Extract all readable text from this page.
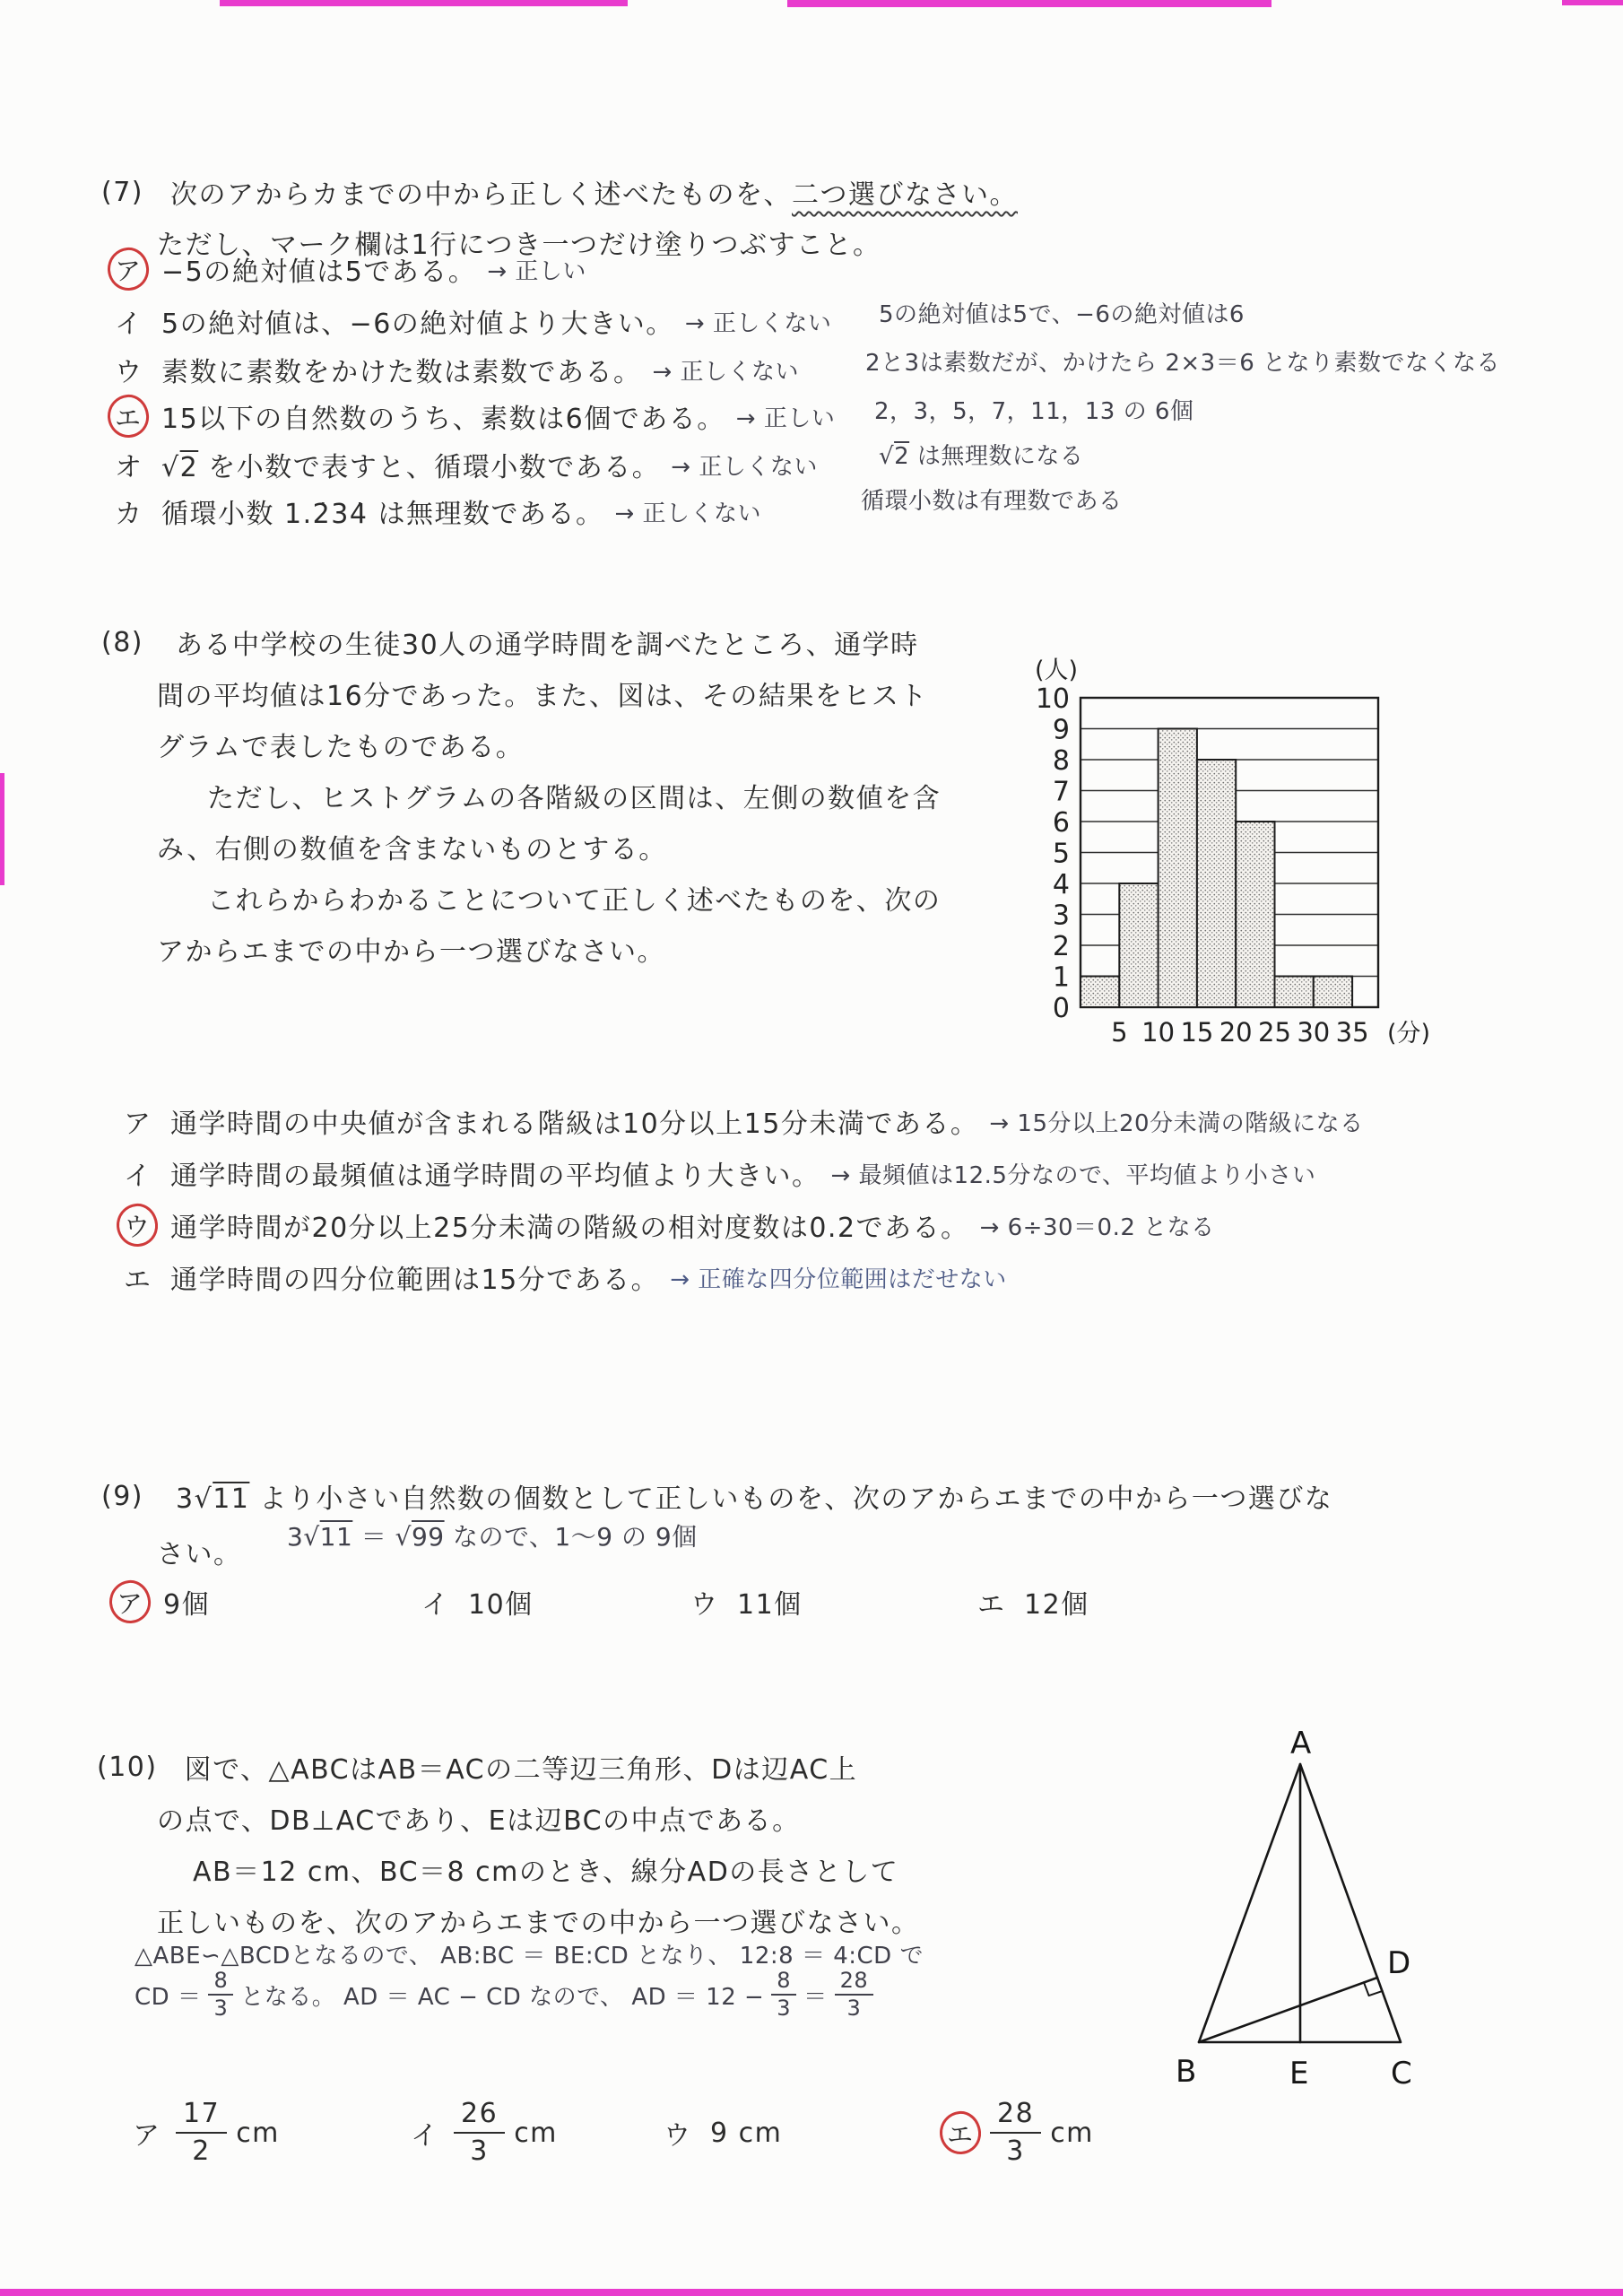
(7) 次のアからカまでの中から正しく述べたものを、 二つ選びなさい。
ただし、マーク欄は1行につき一つだけ塗りつぶすこと。
ア −5の絶対値は5である。 → 正しい
イ 5の絶対値は、−6の絶対値より大きい。 → 正しくない 5の絶対値は5で、−6の絶対値は6
ウ 素数に素数をかけた数は素数である。 → 正しくない	2と3は素数だが、かけたら 2×3＝6 となり素数でなくなる
エ 15以下の自然数のうち、素数は6個である。 → 正しい 2，3，5，7，11，13 の 6個
オ √2 を小数で表すと、循環小数である。 → 正しくない	√2 は無理数になる
カ 循環小数 1.2̇34̇ は無理数である。 → 正しくない	循環小数は有理数である
(8) ある中学校の生徒30人の通学時間を調べたところ、通学時
間の平均値は16分であった。また、図は、その結果をヒスト
グラムで表したものである。
ただし、ヒストグラムの各階級の区間は、左側の数値を含
み、右側の数値を含まないものとする。
これらからわかることについて正しく述べたものを、次の
アからエまでの中から一つ選びなさい。
0
1
2
3
4
5
6
7
8
9
10
5 10 15 20 25 30 35
(人)
(分)
ア 通学時間の中央値が含まれる階級は10分以上15分未満である。 → 15分以上20分未満の階級になる
イ 通学時間の最頻値は通学時間の平均値より大きい。 → 最頻値は12.5分なので、平均値より小さい
ウ 通学時間が20分以上25分未満の階級の相対度数は0.2である。 → 6÷30＝0.2 となる
エ 通学時間の四分位範囲は15分である。 → 正確な四分位範囲はだせない
(9) 3√11 より小さい自然数の個数として正しいものを、次のアからエまでの中から一つ選びな
3√11 ＝ √99 なので、1〜9 の 9個
さい。
ア 9個	イ 10個	ウ 11個	エ 12個
(10) 図で、△ABCはAB＝ACの二等辺三角形、Dは辺AC上
の点で、DB⊥ACであり、Eは辺BCの中点である。
AB＝12 cm、BC＝8 cmのとき、線分ADの長さとして
正しいものを、次のアからエまでの中から一つ選びなさい。
△ABE∽△BCDとなるので、 AB:BC ＝ BE:CD となり、 12:8 ＝ 4:CD で
CD ＝ $\frac{8}{3}$ となる。 AD ＝ AC − CD なので、 AD ＝ $12 - \frac{8}{3} = \frac{28}{3}$
A
B	E	C
D
ア $\frac{17}{2}$ cm	イ $\frac{26}{3}$ cm	ウ 9 cm	エ $\frac{28}{3}$ cm
